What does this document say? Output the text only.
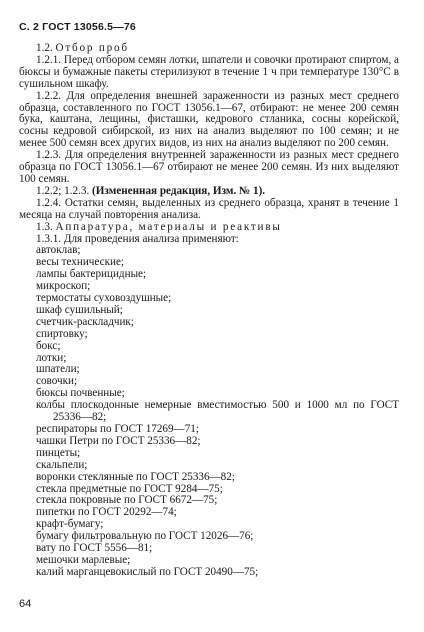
С. 2 ГОСТ 13056.5—76

1.2. Отбор проб

1.2.1. Перед отбором семян лотки, шпатели и совочки протирают спиртом, а бюксы и бумажные пакеты стерилизуют в течение 1 ч при температуре 130°С в сушильном шкафу.

1.2.2. Для определения внешней зараженности из разных мест среднего образца, составленного по ГОСТ 13056.1—67, отбирают: не менее 200 семян бука, каштана, лещины, фисташки, кедрового стланика, сосны корейской, сосны кедровой сибирской, из них на анализ выделяют по 100 семян; и не менее 500 семян всех других видов, из них на анализ выделяют по 200 семян.

1.2.3. Для определения внутренней зараженности из разных мест среднего образца по ГОСТ 13056.1—67 отбирают не менее 200 семян. Из них выделяют 100 семян.

1.2.2; 1.2.3. (Измененная редакция, Изм. № 1).

1.2.4. Остатки семян, выделенных из среднего образца, хранят в течение 1 месяца на случай повторения анализа.

1.3. Аппаратура, материалы и реактивы

1.3.1. Для проведения анализа применяют:

автоклав;

весы технические;

лампы бактерицидные;

микроскоп;

термостаты суховоздушные;

шкаф сушильный;

счетчик-раскладчик;

спиртовку;

бокс;

лотки;

шпатели;

совочки;

бюксы почвенные;

колбы плоскодонные немерные вместимостью 500 и 1000 мл по ГОСТ 25336—82;

респираторы по ГОСТ 17269—71;

чашки Петри по ГОСТ 25336—82;

пинцеты;

скальпели;

воронки стеклянные по ГОСТ 25336—82;

стекла предметные по ГОСТ 9284—75;

стекла покровные по ГОСТ 6672—75;

пипетки по ГОСТ 20292—74;

крафт-бумагу;

бумагу фильтровальную по ГОСТ 12026—76;

вату по ГОСТ 5556—81;

мешочки марлевые;

калий марганцевокислый по ГОСТ 20490—75;

64
